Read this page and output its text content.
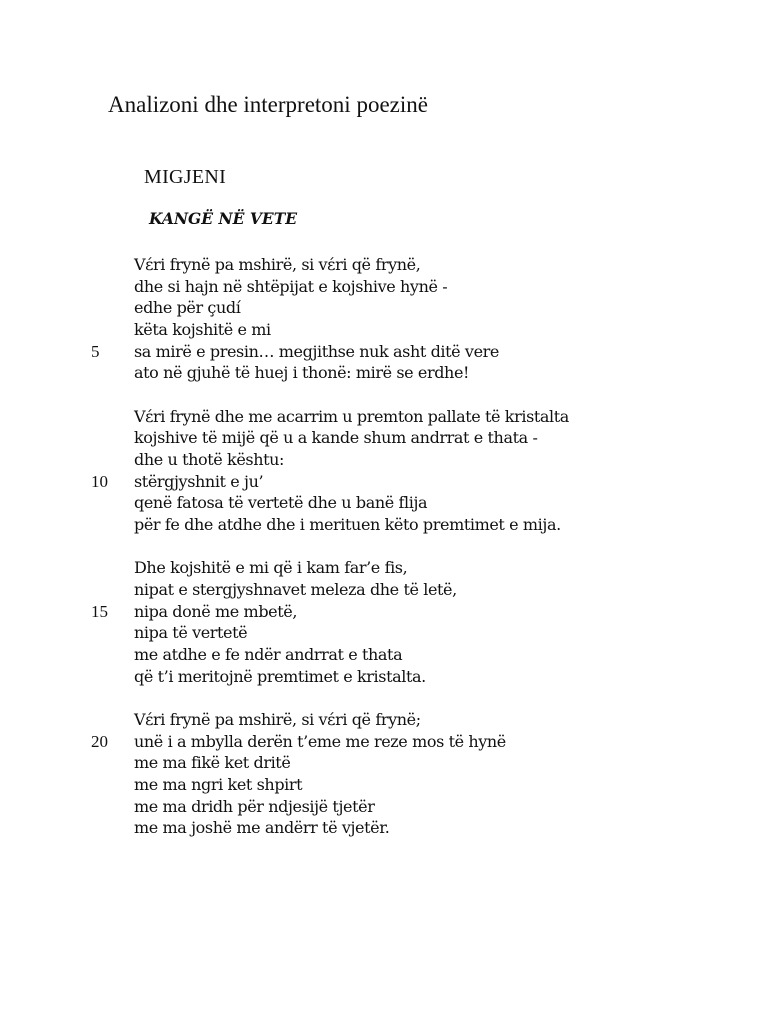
Analizoni dhe interpretoni poezinë
MIGJENI
KANGË NË VETE
Vέri frynë pa mshirë, si vέri që frynë,
dhe si hajn në shtëpijat e kojshive hynë -
edhe për çudí
këta kojshitë e mi
5 sa mirë e presin… megjithse nuk asht ditë vere
ato në gjuhë të huej i thonë: mirë se erdhe!
Vέri frynë dhe me acarrim u premton pallate të kristalta
kojshive të mijë që u a kande shum andrrat e thata -
dhe u thotë kështu:
10 stërgjyshnit e ju’
qenë fatosa të vertetë dhe u banë flija
për fe dhe atdhe dhe i merituen këto premtimet e mija.
Dhe kojshitë e mi që i kam far’e fis,
nipat e stergjyshnavet meleza dhe të letë,
15 nipa donë me mbetë,
nipa të vertetë
me atdhe e fe ndër andrrat e thata
që t’i meritojnë premtimet e kristalta.
Vέri frynë pa mshirë, si vέri që frynë;
20 unë i a mbylla derën t’eme me reze mos të hynë
me ma fikë ket dritë
me ma ngri ket shpirt
me ma dridh për ndjesijë tjetër
me ma joshë me andërr të vjetër.
